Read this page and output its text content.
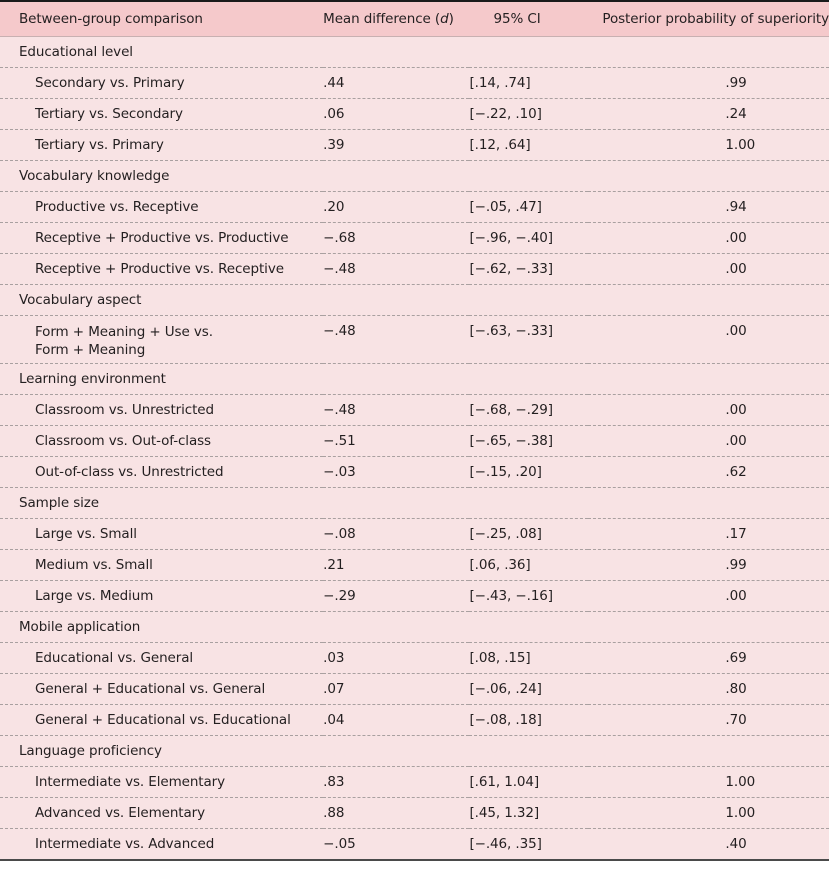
Between-group comparison	Mean difference (d)	95% CI	Posterior probability of superiority
Educational level			
Secondary vs. Primary	.44	[.14, .74]	.99
Tertiary vs. Secondary	.06	[−.22, .10]	.24
Tertiary vs. Primary	.39	[.12, .64]	1.00
Vocabulary knowledge			
Productive vs. Receptive	.20	[−.05, .47]	.94
Receptive + Productive vs. Productive	−.68	[−.96, −.40]	.00
Receptive + Productive vs. Receptive	−.48	[−.62, −.33]	.00
Vocabulary aspect			

Form + Meaning + Use vs.
Form + Meaning	−.48	[−.63, −.33]	.00
Learning environment			
Classroom vs. Unrestricted	−.48	[−.68, −.29]	.00
Classroom vs. Out-of-class	−.51	[−.65, −.38]	.00
Out-of-class vs. Unrestricted	−.03	[−.15, .20]	.62
Sample size			
Large vs. Small	−.08	[−.25, .08]	.17
Medium vs. Small	.21	[.06, .36]	.99
Large vs. Medium	−.29	[−.43, −.16]	.00
Mobile application			
Educational vs. General	.03	[.08, .15]	.69
General + Educational vs. General	.07	[−.06, .24]	.80
General + Educational vs. Educational	.04	[−.08, .18]	.70
Language proficiency			
Intermediate vs. Elementary	.83	[.61, 1.04]	1.00
Advanced vs. Elementary	.88	[.45, 1.32]	1.00
Intermediate vs. Advanced	−.05	[−.46, .35]	.40
